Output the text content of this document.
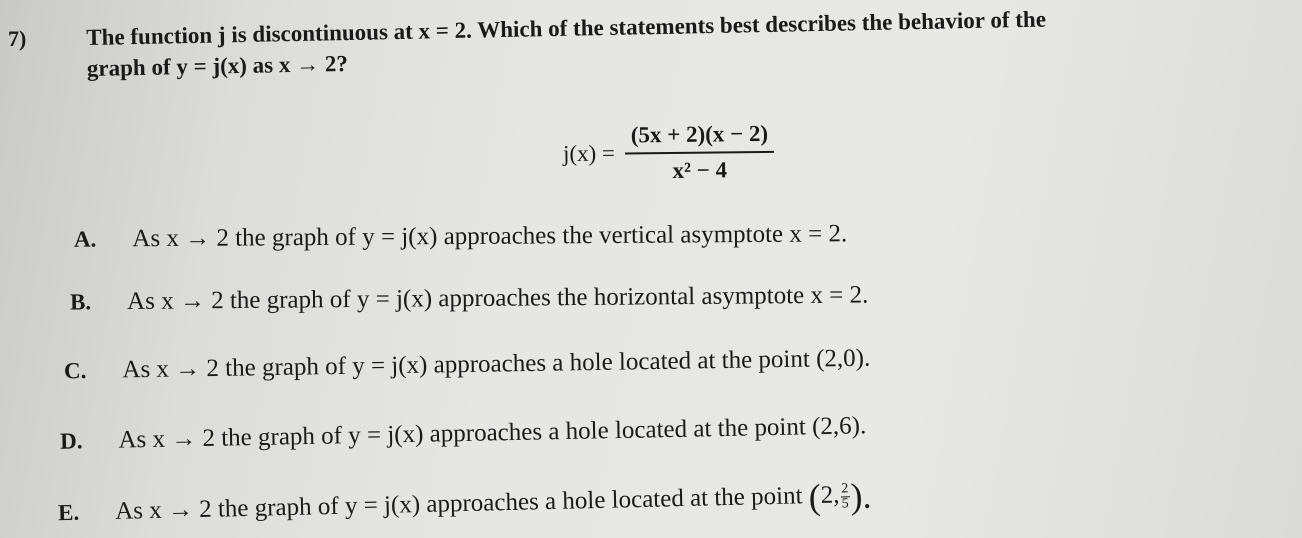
7)	The function j is discontinuous at x = 2. Which of the statements best describes the behavior of the
graph of y = j(x) as x → 2?
$j(x) = \frac{(5x + 2)(x - 2)}{\text{x² − 4}}$
A. As x → 2 the graph of y = j(x) approaches the vertical asymptote x = 2.
B. As x → 2 the graph of y = j(x) approaches the horizontal asymptote x = 2.
C. As x → 2 the graph of y = j(x) approaches a hole located at the point (2,0).
D. As x → 2 the graph of y = j(x) approaches a hole located at the point (2,6).
E. As x → 2 the graph of y = j(x) approaches a hole located at the point (2, $\frac{2}{5}$ ).
